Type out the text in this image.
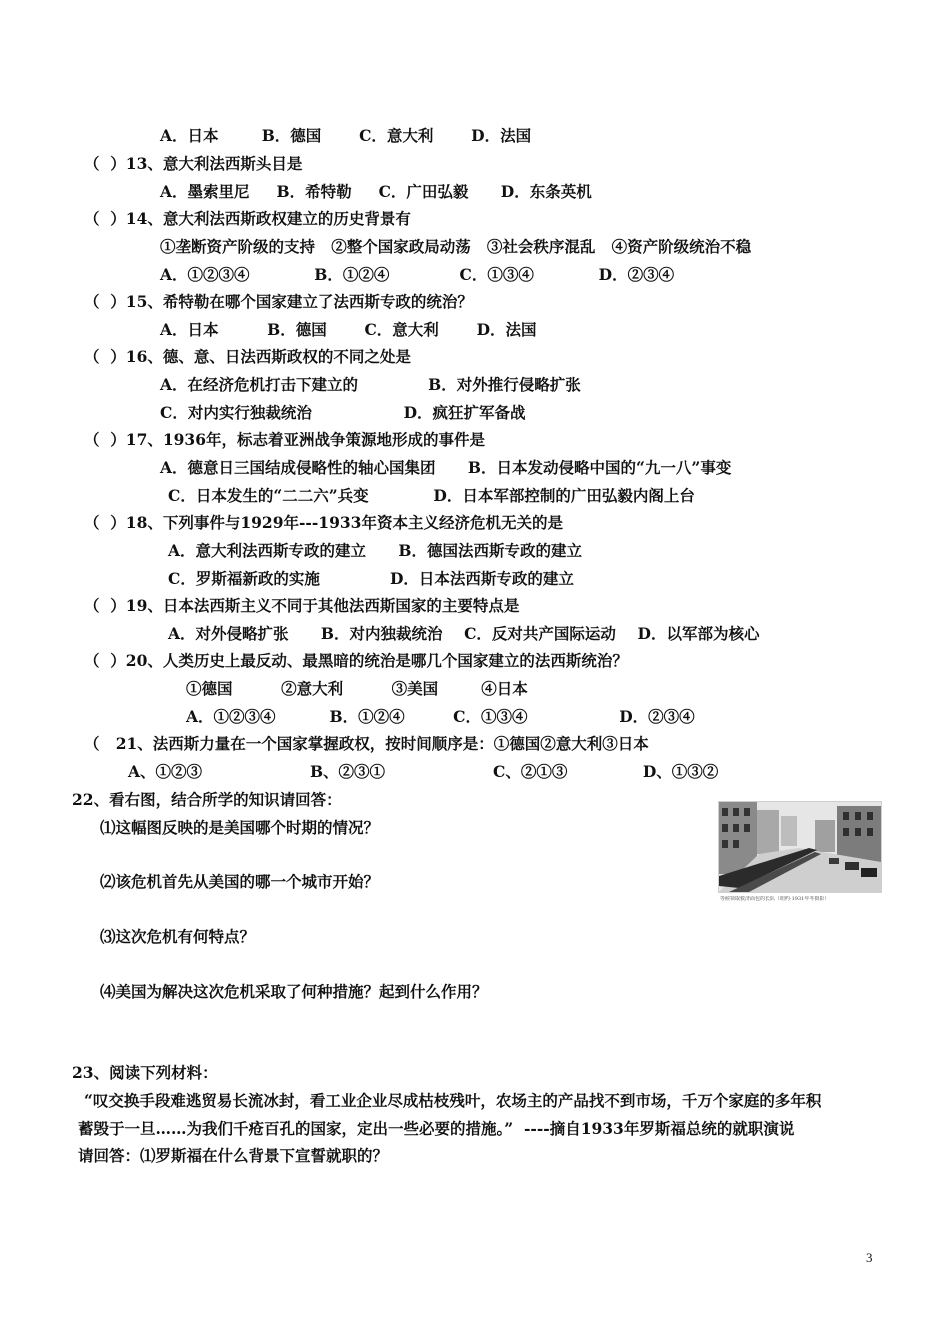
A．日本        B．德国       C．意大利       D．法国
（  ）13、意大利法西斯头目是
A．墨索里尼     B．希特勒     C．广田弘毅      D．东条英机
（  ）14、意大利法西斯政权建立的历史背景有
①垄断资产阶级的支持   ②整个国家政局动荡   ③社会秩序混乱   ④资产阶级统治不稳
A．①②③④            B．①②④             C．①③④            D．②③④
（  ）15、希特勒在哪个国家建立了法西斯专政的统治？
A．日本         B．德国       C．意大利       D．法国
（  ）16、德、意、日法西斯政权的不同之处是
A．在经济危机打击下建立的             B．对外推行侵略扩张
C．对内实行独裁统治                 D．疯狂扩军备战
（  ）17、1936年，标志着亚洲战争策源地形成的事件是
A．德意日三国结成侵略性的轴心国集团      B．日本发动侵略中国的“九一八”事变
C．日本发生的“二二六”兵变            D．日本军部控制的广田弘毅内阁上台
（  ）18、下列事件与1929年---1933年资本主义经济危机无关的是
A．意大利法西斯专政的建立      B．德国法西斯专政的建立
C．罗斯福新政的实施             D．日本法西斯专政的建立
（  ）19、日本法西斯主义不同于其他法西斯国家的主要特点是
A．对外侵略扩张      B．对内独裁统治    C．反对共产国际运动    D．以军部为核心
（  ）20、人类历史上最反动、最黑暗的统治是哪几个国家建立的法西斯统治？
①德国         ②意大利         ③美国        ④日本
A．①②③④          B．①②④         C．①③④                 D．②③④
（   21、法西斯力量在一个国家掌握政权，按时间顺序是：①德国②意大利③日本
A、①②③                    B、②③①                    C、②①③              D、①③②
22、看右图，结合所学的知识请回答：
⑴这幅图反映的是美国哪个时期的情况？
⑵该危机首先从美国的哪一个城市开始？
⑶这次危机有何特点？
⑷美国为解决这次危机采取了何种措施？起到什么作用？
23、阅读下列材料：
“叹交换手段难逃贸易长流冰封，看工业企业尽成枯枝残叶，农场主的产品找不到市场，千万个家庭的多年积
蓄毁于一旦……为我们千疮百孔的国家，定出一些必要的措施。”  ----摘自1933年罗斯福总统的就职演说
请回答：⑴罗斯福在什么背景下宣誓就职的？
等候领取救济面包的长队（纽约·1931年冬摄影）
3
